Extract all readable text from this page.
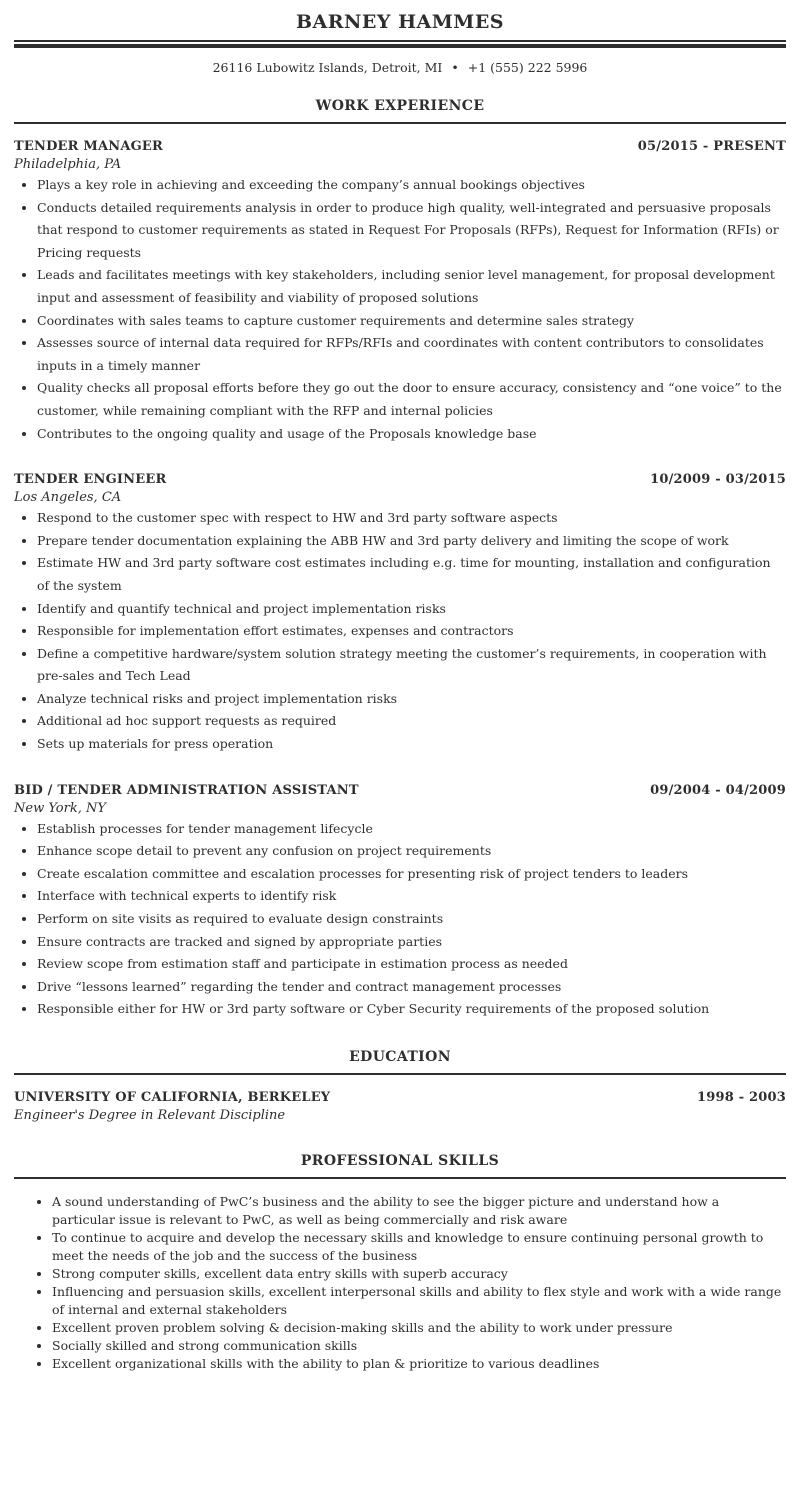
BARNEY HAMMES
26116 Lubowitz Islands, Detroit, MI • +1 (555) 222 5996
WORK EXPERIENCE
TENDER MANAGER	05/2015 - PRESENT
Philadelphia, PA
• Plays a key role in achieving and exceeding the company’s annual bookings objectives
• Conducts detailed requirements analysis in order to produce high quality, well-integrated and persuasive proposals that respond to customer requirements as stated in Request For Proposals (RFPs), Request for Information (RFIs) or Pricing requests
• Leads and facilitates meetings with key stakeholders, including senior level management, for proposal development input and assessment of feasibility and viability of proposed solutions
• Coordinates with sales teams to capture customer requirements and determine sales strategy
• Assesses source of internal data required for RFPs/RFIs and coordinates with content contributors to consolidates inputs in a timely manner
• Quality checks all proposal efforts before they go out the door to ensure accuracy, consistency and “one voice” to the customer, while remaining compliant with the RFP and internal policies
• Contributes to the ongoing quality and usage of the Proposals knowledge base
TENDER ENGINEER	10/2009 - 03/2015
Los Angeles, CA
• Respond to the customer spec with respect to HW and 3rd party software aspects
• Prepare tender documentation explaining the ABB HW and 3rd party delivery and limiting the scope of work
• Estimate HW and 3rd party software cost estimates including e.g. time for mounting, installation and configuration of the system
• Identify and quantify technical and project implementation risks
• Responsible for implementation effort estimates, expenses and contractors
• Define a competitive hardware/system solution strategy meeting the customer’s requirements, in cooperation with pre-sales and Tech Lead
• Analyze technical risks and project implementation risks
• Additional ad hoc support requests as required
• Sets up materials for press operation
BID / TENDER ADMINISTRATION ASSISTANT	09/2004 - 04/2009
New York, NY
• Establish processes for tender management lifecycle
• Enhance scope detail to prevent any confusion on project requirements
• Create escalation committee and escalation processes for presenting risk of project tenders to leaders
• Interface with technical experts to identify risk
• Perform on site visits as required to evaluate design constraints
• Ensure contracts are tracked and signed by appropriate parties
• Review scope from estimation staff and participate in estimation process as needed
• Drive “lessons learned” regarding the tender and contract management processes
• Responsible either for HW or 3rd party software or Cyber Security requirements of the proposed solution
EDUCATION
UNIVERSITY OF CALIFORNIA, BERKELEY	1998 - 2003
Engineer's Degree in Relevant Discipline
PROFESSIONAL SKILLS
• A sound understanding of PwC’s business and the ability to see the bigger picture and understand how a particular issue is relevant to PwC, as well as being commercially and risk aware
• To continue to acquire and develop the necessary skills and knowledge to ensure continuing personal growth to meet the needs of the job and the success of the business
• Strong computer skills, excellent data entry skills with superb accuracy
• Influencing and persuasion skills, excellent interpersonal skills and ability to flex style and work with a wide range of internal and external stakeholders
• Excellent proven problem solving & decision-making skills and the ability to work under pressure
• Socially skilled and strong communication skills
• Excellent organizational skills with the ability to plan & prioritize to various deadlines
